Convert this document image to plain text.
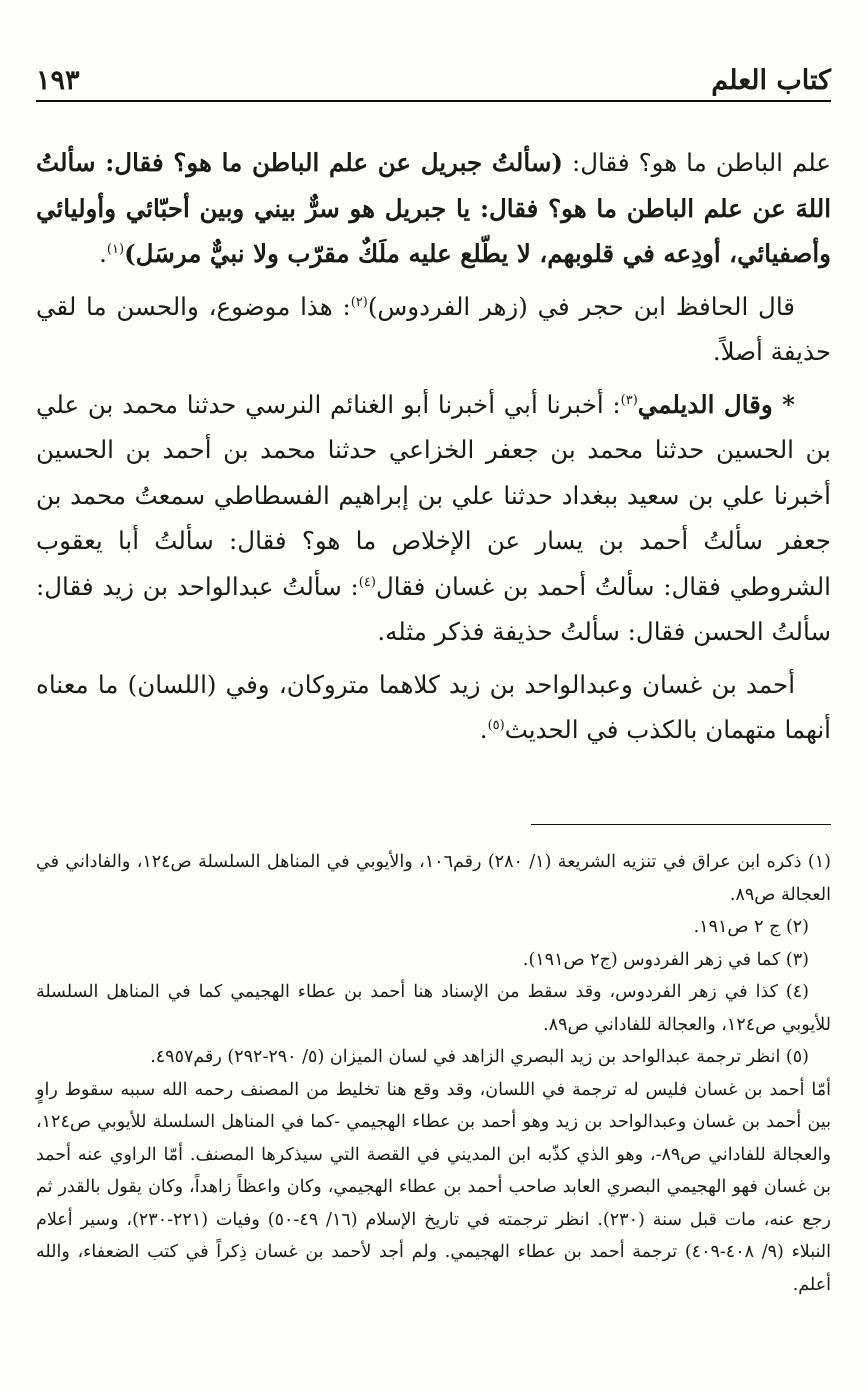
كتاب العلم
١٩٣

علم الباطن ما هو؟ فقال: (سألتُ جبريل عن علم الباطن ما هو؟ فقال: سألتُ اللهَ عن علم الباطن ما هو؟ فقال: يا جبريل هو سرٌّ بيني وبين أحبّائي وأوليائي وأصفيائي، أودِعه في قلوبهم، لا يطّلع عليه ملَكٌ مقرّب ولا نبيٌّ مرسَل)$^{(١)}$.

قال الحافظ ابن حجر في (زهر الفردوس)$^{(٢)}$: هذا موضوع، والحسن ما لقي حذيفة أصلاً.

* وقال الديلمي$^{(٣)}$: أخبرنا أبي أخبرنا أبو الغنائم النرسي حدثنا محمد بن علي بن الحسين حدثنا محمد بن جعفر الخزاعي حدثنا محمد بن أحمد بن الحسين أخبرنا علي بن سعيد ببغداد حدثنا علي بن إبراهيم الفسطاطي سمعتُ محمد بن جعفر سألتُ أحمد بن يسار عن الإخلاص ما هو؟ فقال: سألتُ أبا يعقوب الشروطي فقال: سألتُ أحمد بن غسان فقال$^{(٤)}$: سألتُ عبدالواحد بن زيد فقال: سألتُ الحسن فقال: سألتُ حذيفة فذكر مثله.

أحمد بن غسان وعبدالواحد بن زيد كلاهما متروكان، وفي (اللسان) ما معناه أنهما متهمان بالكذب في الحديث$^{(٥)}$.

(١) ذكره ابن عراق في تنزيه الشريعة (١/ ٢٨٠) رقم١٠٦، والأيوبي في المناهل السلسلة ص١٢٤، والفاداني في العجالة ص٨٩.

(٢) ج ٢ ص١٩١.

(٣) كما في زهر الفردوس (ج٢ ص١٩١).

(٤) كذا في زهر الفردوس، وقد سقط من الإسناد هنا أحمد بن عطاء الهجيمي كما في المناهل السلسلة للأيوبي ص١٢٤، والعجالة للفاداني ص٨٩.

(٥) انظر ترجمة عبدالواحد بن زيد البصري الزاهد في لسان الميزان (٥/ ٢٩٠-٢٩٢) رقم٤٩٥٧.

أمّا أحمد بن غسان فليس له ترجمة في اللسان، وقد وقع هنا تخليط من المصنف رحمه الله سببه سقوط راوٍ بين أحمد بن غسان وعبدالواحد بن زيد وهو أحمد بن عطاء الهجيمي -كما في المناهل السلسلة للأيوبي ص١٢٤، والعجالة للفاداني ص٨٩-، وهو الذي كذّبه ابن المديني في القصة التي سيذكرها المصنف. أمّا الراوي عنه أحمد بن غسان فهو الهجيمي البصري العابد صاحب أحمد بن عطاء الهجيمي، وكان واعظاً زاهداً، وكان يقول بالقدر ثم رجع عنه، مات قبل سنة (٢٣٠). انظر ترجمته في تاريخ الإسلام (١٦/ ٤٩-٥٠) وفيات (٢٢١-٢٣٠)، وسير أعلام النبلاء (٩/ ٤٠٨-٤٠٩) ترجمة أحمد بن عطاء الهجيمي. ولم أجد لأحمد بن غسان ذِكراً في كتب الضعفاء، والله أعلم.
